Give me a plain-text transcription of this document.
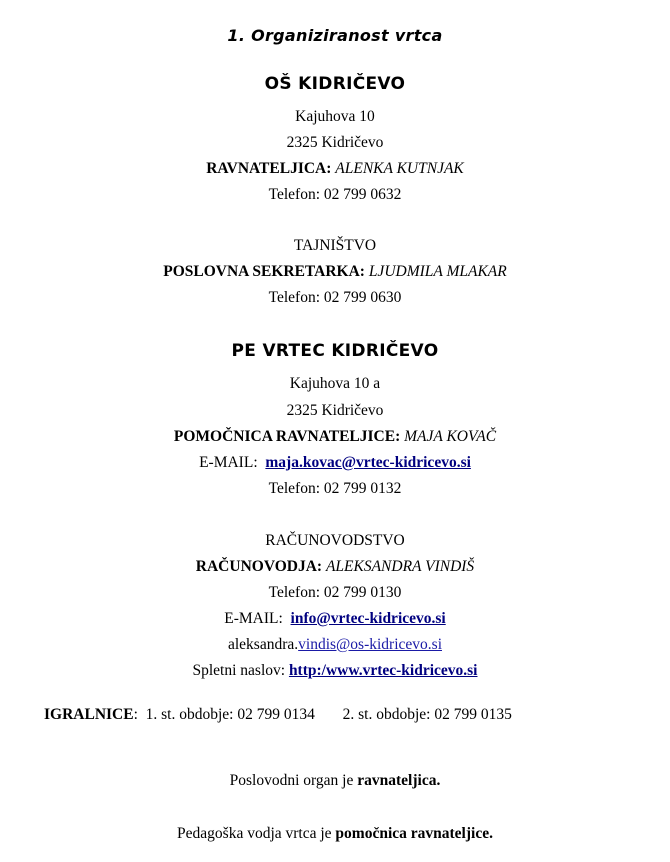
1. Organiziranost vrtca
OŠ KIDRIČEVO
Kajuhova 10
2325 Kidričevo
RAVNATELJICA: ALENKA KUTNJAK
Telefon: 02 799 0632
TAJNIŠTVO
POSLOVNA SEKRETARKA: LJUDMILA MLAKAR
Telefon: 02 799 0630
PE VRTEC KIDRIČEVO
Kajuhova 10 a
2325 Kidričevo
POMOČNICA RAVNATELJICE: MAJA KOVAČ
E-MAIL: maja.kovac@vrtec-kidricevo.si
Telefon: 02 799 0132
RAČUNOVODSTVO
RAČUNOVODJA: ALEKSANDRA VINDIŠ
Telefon: 02 799 0130
E-MAIL: info@vrtec-kidricevo.si
aleksandra.vindis@os-kidricevo.si
Spletni naslov: http:/www.vrtec-kidricevo.si
IGRALNICE:  1. st. obdobje: 02 799 0134 2. st. obdobje: 02 799 0135
Poslovodni organ je ravnateljica.
Pedagoška vodja vrtca je pomočnica ravnateljice.
